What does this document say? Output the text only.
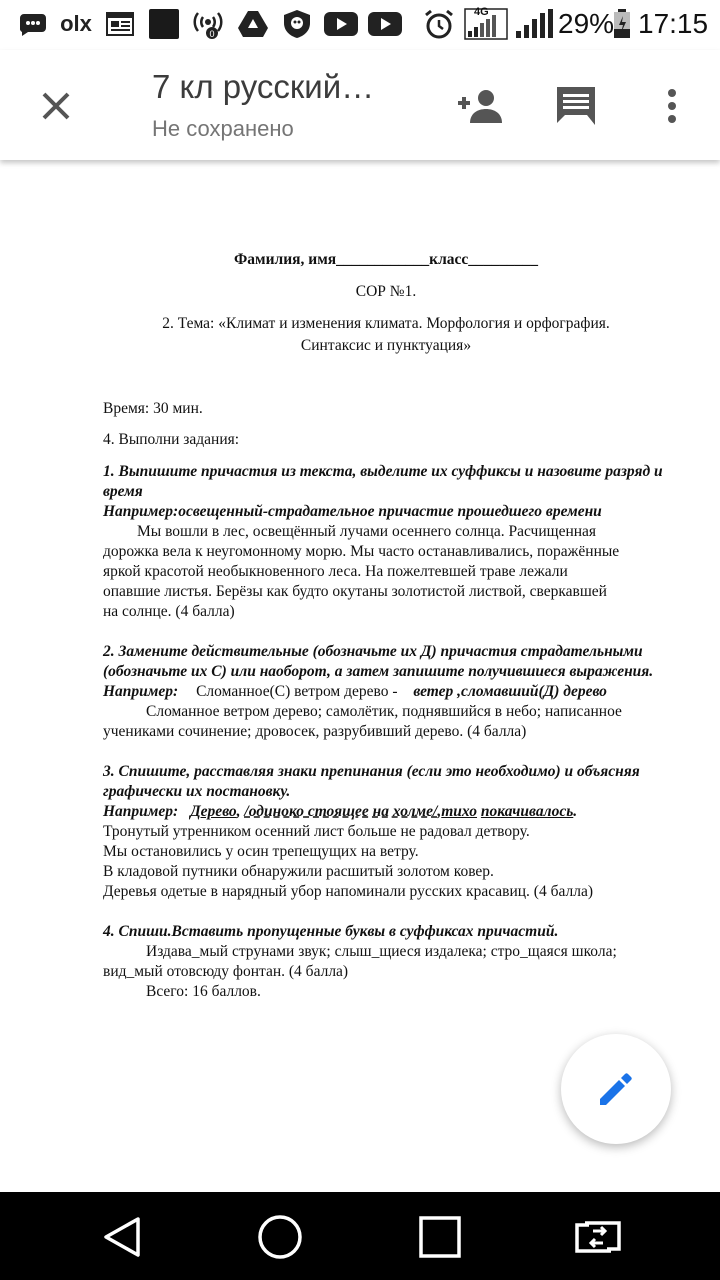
olx	0
4G 29% 17:15
7 кл русский…
Не сохранено

Фамилия, имя____________класс_________

СОР №1.

2. Тема: «Климат и изменения климата. Морфология и орфография.

Синтаксис и пунктуация»

Время: 30 мин.

4. Выполни задания:

1. Выпишите причастия из текста, выделите их суффиксы и назовите разряд и

время

Например:освещенный-страдательное причастие прошедшего времени

Мы вошли в лес, освещённый лучами осеннего солнца. Расчищенная

дорожка вела к неугомонному морю. Мы часто останавливались, поражённые

яркой красотой необыкновенного леса. На пожелтевшей траве лежали

опавшие листья. Берёзы как будто окутаны золотистой листвой, сверкавшей

на солнце. (4 балла)

2. Замените действительные (обозначьте их Д) причастия страдательными

(обозначьте их С) или наоборот, а затем запишите получившиеся выражения.

Например: Сломанное(С) ветром дерево - ветер ,сломавший(Д) дерево

Сломанное ветром дерево; самолётик, поднявшийся в небо; написанное

учениками сочинение; дровосек, разрубивший дерево. (4 балла)

3. Спишите, расставляя знаки препинания (если это необходимо) и объясняя

графически их постановку.

Например: Дерево, /одиноко стоящее на холме/,тихо покачивалось.

Тронутый утренником осенний лист больше не радовал детвору.

Мы остановились у осин трепещущих на ветру.

В кладовой путники обнаружили расшитый золотом ковер.

Деревья одетые в нарядный убор напоминали русских красавиц. (4 балла)

4. Спиши.Вставить пропущенные буквы в суффиксах причастий.

Издава_мый струнами звук; слыш_щиеся издалека; стро_щаяся школа;

вид_мый отовсюду фонтан. (4 балла)

Всего: 16 баллов.
